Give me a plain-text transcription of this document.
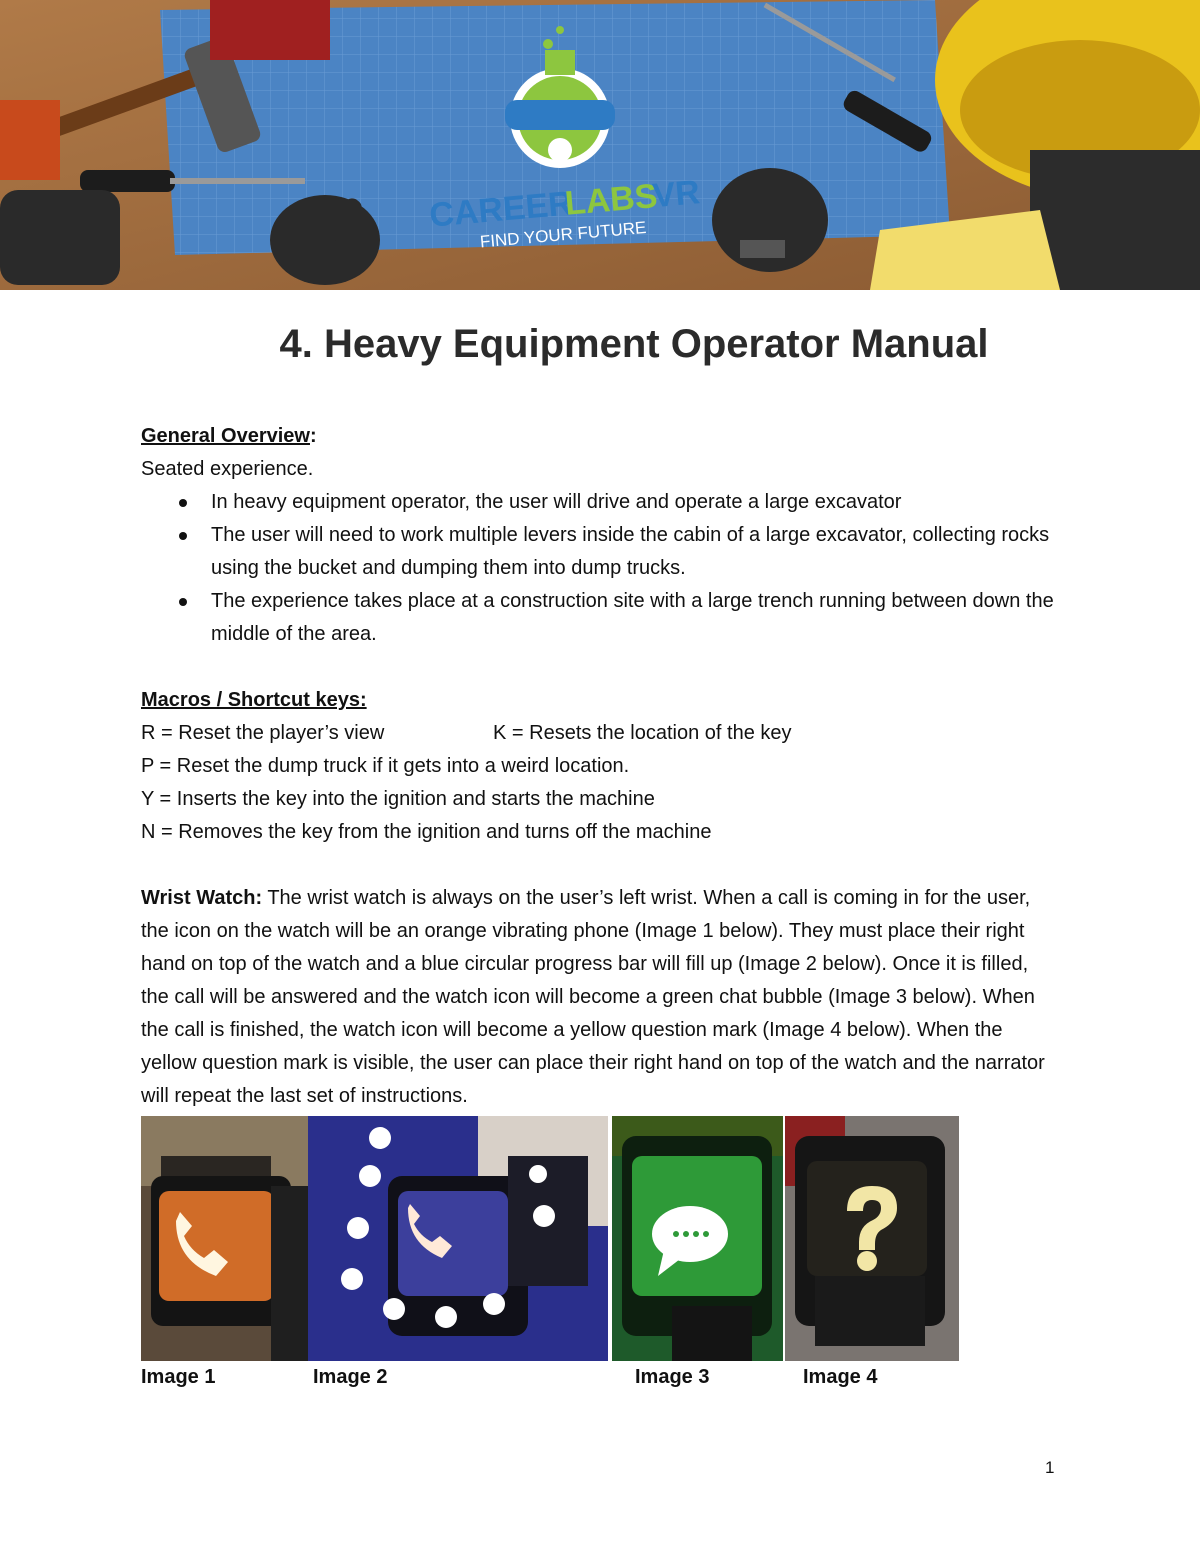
CAREER
LABS
VR
FIND YOUR FUTURE
4. Heavy Equipment Operator Manual
General Overview:
Seated experience.
In heavy equipment operator, the user will drive and operate a large excavator
The user will need to work multiple levers inside the cabin of a large excavator, collecting rocks using the bucket and dumping them into dump trucks.
The experience takes place at a construction site with a large trench running between down the middle of the area.
Macros / Shortcut keys:
R = Reset the player’s view	K = Resets the location of the key
P = Reset the dump truck if it gets into a weird location.
Y = Inserts the key into the ignition and starts the machine
N = Removes the key from the ignition and turns off the machine
Wrist Watch: The wrist watch is always on the user’s left wrist. When a call is coming in for the user, the icon on the watch will be an orange vibrating phone (Image 1 below). They must place their right hand on top of the watch and a blue circular progress bar will fill up (Image 2 below). Once it is filled, the call will be answered and the watch icon will become a green chat bubble (Image 3 below). When the call is finished, the watch icon will become a yellow question mark (Image 4 below). When the yellow question mark is visible, the user can place their right hand on top of the watch and the narrator will repeat the last set of instructions.
Image 1	Image 2	Image 3	Image 4
1
